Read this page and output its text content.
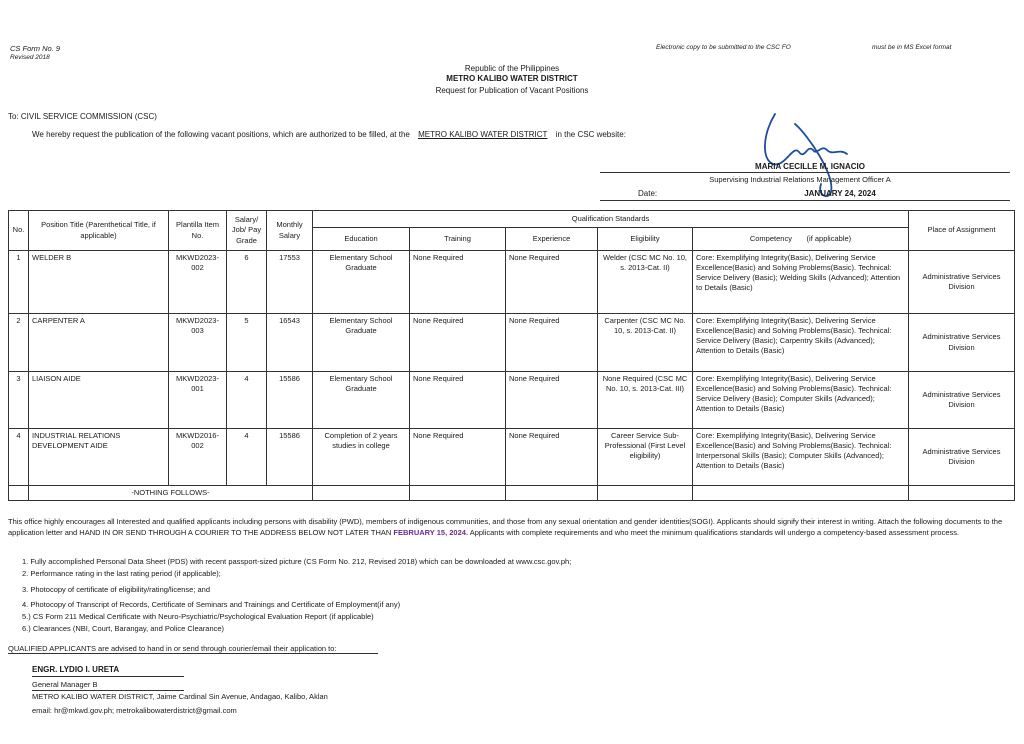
CS Form No. 9
Revised 2018
Electronic copy to be submitted to the CSC FO	must be in MS Excel format
Republic of the Philippines
METRO KALIBO WATER DISTRICT
Request for Publication of Vacant Positions
To: CIVIL SERVICE COMMISSION (CSC)
We hereby request the publication of the following vacant positions, which are authorized to be filled, at the METRO KALIBO WATER DISTRICT in the CSC website:
MARIA CECILLE M. IGNACIO
Supervising Industrial Relations Management Officer A
Date:	JANUARY 24, 2024
No.	Position Title (Parenthetical Title, if applicable)	Plantilla Item No.	Salary/ Job/ Pay Grade	Monthly Salary	Qualification Standards					Place of Assignment
					Education	Training	Experience	Eligibility	Competency (if applicable)	
1	WELDER B	MKWD2023-002	6	17553	Elementary School Graduate	None Required	None Required	Welder (CSC MC No. 10, s. 2013-Cat. II)	Core: Exemplifying Integrity(Basic), Delivering Service Excellence(Basic) and Solving Problems(Basic). Technical: Service Delivery (Basic); Welding Skills (Advanced); Attention to Details (Basic)	Administrative Services Division
2	CARPENTER A	MKWD2023-003	5	16543	Elementary School Graduate	None Required	None Required	Carpenter (CSC MC No. 10, s. 2013-Cat. II)	Core: Exemplifying Integrity(Basic), Delivering Service Excellence(Basic) and Solving Problems(Basic). Technical: Service Delivery (Basic); Carpentry Skills (Advanced); Attention to Details (Basic)	Administrative Services Division
3	LIAISON AIDE	MKWD2023-001	4	15586	Elementary School Graduate	None Required	None Required	None Required (CSC MC No. 10, s. 2013-Cat. III)	Core: Exemplifying Integrity(Basic), Delivering Service Excellence(Basic) and Solving Problems(Basic). Technical: Service Delivery (Basic); Computer Skills (Advanced); Attention to Details (Basic)	Administrative Services Division
4	INDUSTRIAL RELATIONS DEVELOPMENT AIDE	MKWD2016-002	4	15586	Completion of 2 years studies in college	None Required	None Required	Career Service Sub-Professional (First Level eligibility)	Core: Exemplifying Integrity(Basic), Delivering Service Excellence(Basic) and Solving Problems(Basic). Technical: Interpersonal Skills (Basic); Computer Skills (Advanced); Attention to Details (Basic)	Administrative Services Division
	-NOTHING FOLLOWS-									
This office highly encourages all Interested and qualified applicants including persons with disability (PWD), members of indigenous communities, and those from any sexual orientation and gender identities(SOGI). Applicants should signify their interest in writing. Attach the following documents to the application letter and HAND IN OR SEND THROUGH A COURIER TO THE ADDRESS BELOW NOT LATER THAN FEBRUARY 15, 2024. Applicants with complete requirements and who meet the minimum qualifications standards will undergo a competency-based assessment process.
1. Fully accomplished Personal Data Sheet (PDS) with recent passport-sized picture (CS Form No. 212, Revised 2018) which can be downloaded at www.csc.gov.ph;
2. Performance rating in the last rating period (if applicable);
3. Photocopy of certificate of eligibility/rating/license; and
4. Photocopy of Transcript of Records, Certificate of Seminars and Trainings and Certificate of Employment(if any)
5.) CS Form 211 Medical Certificate with Neuro-Psychiatric/Psychological Evaluation Report (if applicable)
6.) Clearances (NBI, Court, Barangay, and Police Clearance)
QUALIFIED APPLICANTS are advised to hand in or send through courier/email their application to:
ENGR. LYDIO I. URETA
General Manager B
METRO KALIBO WATER DISTRICT, Jaime Cardinal Sin Avenue, Andagao, Kalibo, Aklan
email: hr@mkwd.gov.ph; metrokalibowaterdistrict@gmail.com
